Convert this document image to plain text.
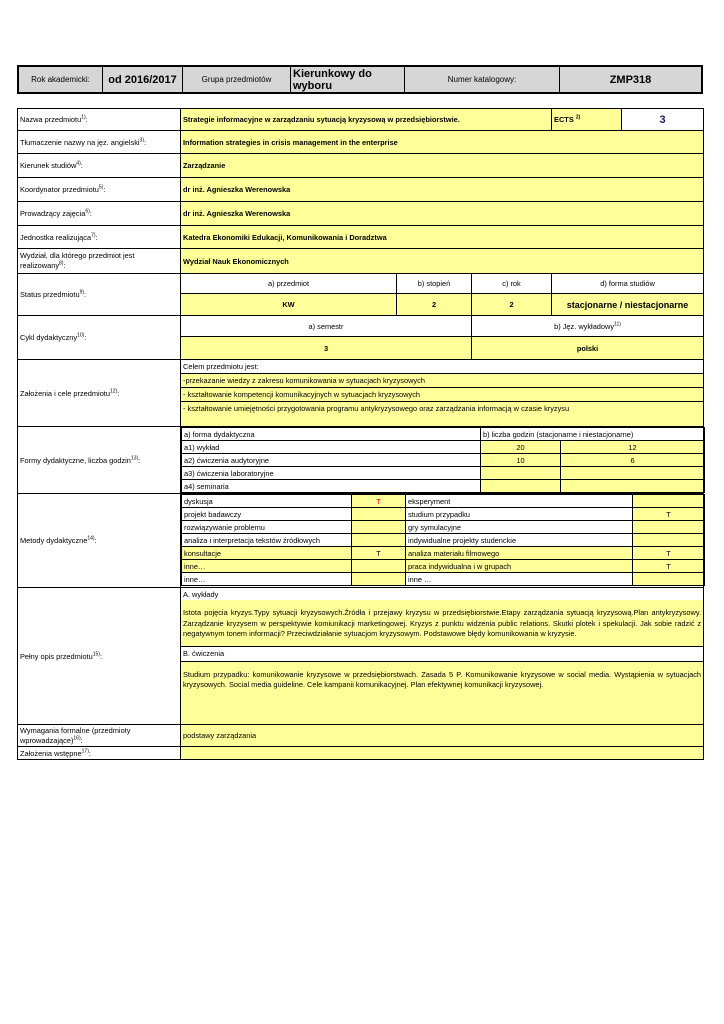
Rok akademicki:	od 2016/2017	Grupa przedmiotów	Kierunkowy do wyboru	Numer katalogowy:	ZMP318
Nazwa przedmiotu$^{1)}$:	Strategie informacyjne w zarządzaniu sytuacją kryzysową w przedsiębiorstwie.	ECTS $^{2)}$	3
Tłumaczenie nazwy na jęz. angielski$^{3)}$:	Information strategies in crisis management in the enterprise
Kierunek studiów$^{4)}$:	Zarządzanie
Koordynator przedmiotu$^{5)}$:	dr inż. Agnieszka Werenowska
Prowadzący zajęcia$^{6)}$:	dr inż. Agnieszka Werenowska
Jednostka realizująca$^{7)}$:	Katedra Ekonomiki Edukacji, Komunikowania i Doradztwa
Wydział, dla którego przedmiot jest realizowany$^{8)}$:	Wydział Nauk Ekonomicznych
Status przedmiotu$^{9)}$:	a) przedmiot	b) stopień	c) rok	d) forma studiów
KW	2	2	stacjonarne / niestacjonarne
Cykl dydaktyczny$^{10)}$:	a) semestr	b) Jęz. wykładowy$^{11)}$
3	polski
Założenia i cele przedmiotu$^{12)}$:	
Celem przedmiotu jest:
-przekazanie wiedzy z zakresu komunikowania w sytuacjach kryzysowych
- kształtowanie kompetencji komunikacyjnych w sytuacjach kryzysowych
- kształtowanie umiejętności przygotowania programu antykryzysowego oraz zarządzania informacją w czasie kryzysu

Formy dydaktyczne, liczba godzin$^{13)}$:	
a) forma dydaktyczna	b) liczba godzin (stacjonarne i niestacjonarne)
a1) wykład	20	12
a2) ćwiczenia audytoryjne	10	6
a3) ćwiczenia laboratoryjne		
a4) seminaria		

Metody dydaktyczne$^{14)}$:	
dyskusja	T	eksperyment	
projekt badawczy		studium przypadku	T
rozwiązywanie problemu		gry symulacyjne	
analiza i interpretacja tekstów źródłowych		indywidualne projekty studenckie	
konsultacje	T	analiza materiału filmowego	T
inne…		praca indywidualna i w grupach	T
inne…		inne …	

Pełny opis przedmiotu$^{15)}$:	
A. wykłady
Istota pojęcia kryzys.Typy sytuacji kryzysowych.Źródła i przejawy kryzysu w przedsiębiorstwie.Etapy zarządzania sytuacją kryzysową.Plan antykryzysowy. Zarządzanie kryzysem w perspektywie komiunikacji marketingowej. Kryzys z punktu widzenia public relations. Skutki plotek i spekulacji. Jak sobie radzić z negatywnym tonem informacji? Przeciwdziałanie sytuacjom kryzysowym. Podstawowe błędy komunikowania w kryzysie.
B. ćwiczenia
Studium przypadku: komunikowanie kryzysowe w przedsiębiorstwach. Zasada 5 P. Komunikowanie kryzysowe w social media. Wystąpienia w sytuacjach kryzysowych. Social media guideline. Cele kampanii komunikacyjnej. Plan efektywnej komunikacji kryzysowej.

Wymagania formalne (przedmioty wprowadzające)$^{16)}$:	podstawy zarządzania
Założenia wstępne$^{17)}$:	
